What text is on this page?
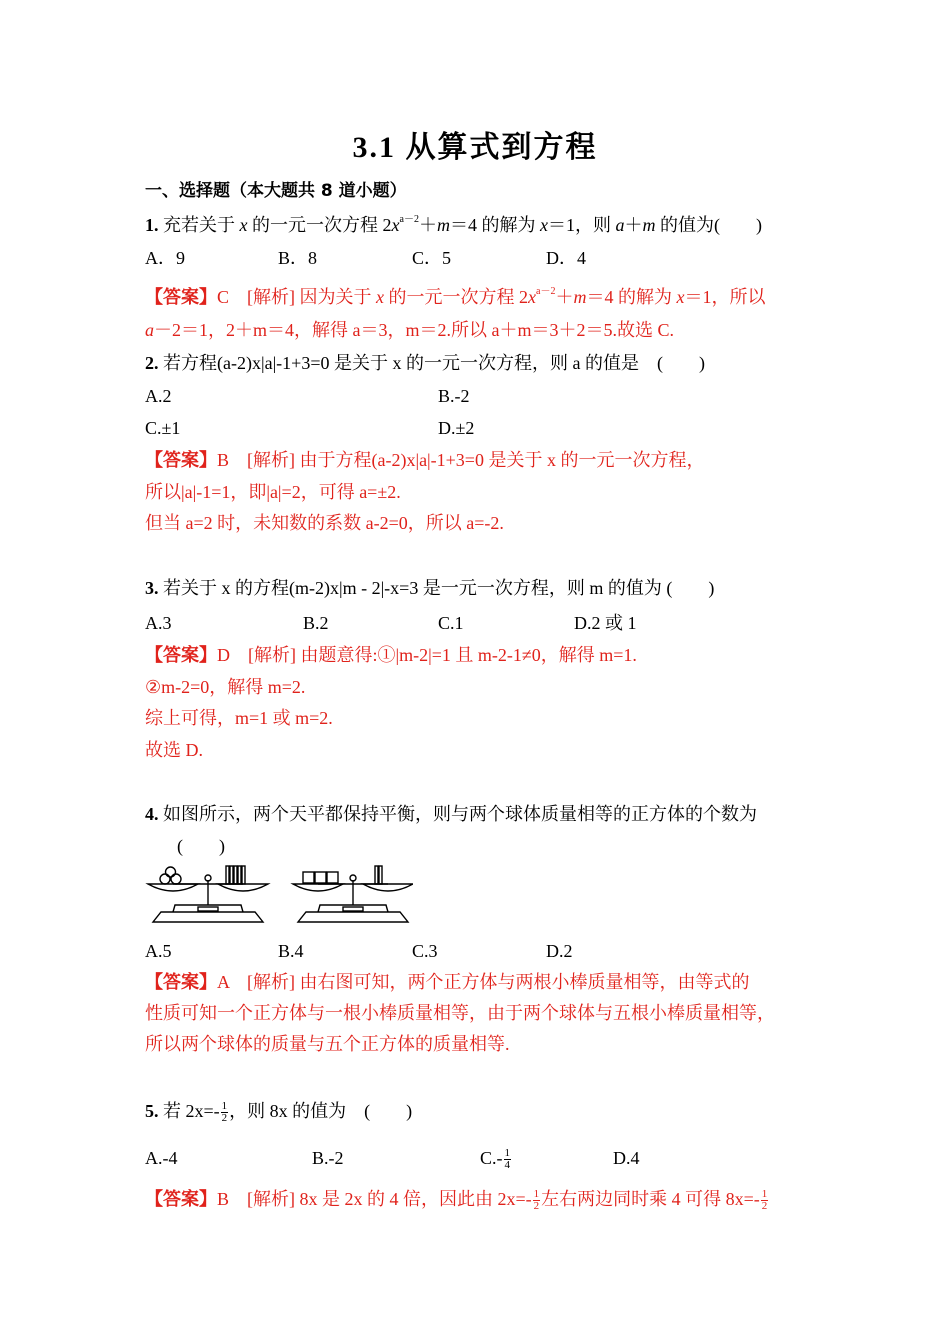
3.1 从算式到方程
一、选择题（本大题共 8 道小题）
1. 充若关于 x 的一元一次方程 $2x^{a-2}+m=4$ 的解为 x＝1，则 a＋m 的值为(　　)
A．9	B．8	C．5	D．4
【答案】C　[解析] 因为关于 x 的一元一次方程 $2x^{a-2}+m=4$ 的解为 x＝1，所以
a－2＝1，2＋m＝4，解得 a＝3，m＝2.所以 a＋m＝3＋2＝5.故选 C.
2. 若方程(a-2)x|a|-1+3=0 是关于 x 的一元一次方程，则 a 的值是　(　　)
A.2	B.-2
C.±1	D.±2
【答案】B　[解析] 由于方程(a-2)x|a|-1+3=0 是关于 x 的一元一次方程，
所以|a|-1=1，即|a|=2，可得 a=±2.
但当 a=2 时，未知数的系数 a-2=0，所以 a=-2.
3. 若关于 x 的方程(m-2)x|m - 2|-x=3 是一元一次方程，则 m 的值为 (　　)
A.3	B.2	C.1	D.2 或 1
【答案】D　[解析] 由题意得:①|m-2|=1 且 m-2-1≠0，解得 m=1.
②m-2=0，解得 m=2.
综上可得，m=1 或 m=2.
故选 D.
4. 如图所示，两个天平都保持平衡，则与两个球体质量相等的正方体的个数为
(　　)
A.5	B.4	C.3	D.2
【答案】A　[解析] 由右图可知，两个正方体与两根小棒质量相等，由等式的
性质可知一个正方体与一根小棒质量相等，由于两个球体与五根小棒质量相等，
所以两个球体的质量与五个正方体的质量相等.
5. 若 $2x=- \frac{1}{2}$ ，则 8x 的值为　(　　)
A.-4	B.-2	$C.- \frac{1}{4}$	D.4
【答案】B　[解析] 8x 是 2x 的 4 倍，因此由 $2x=- \frac{1}{2}$ 左右两边同时乘 4 可得 $8x=- \frac{1}{2}$
